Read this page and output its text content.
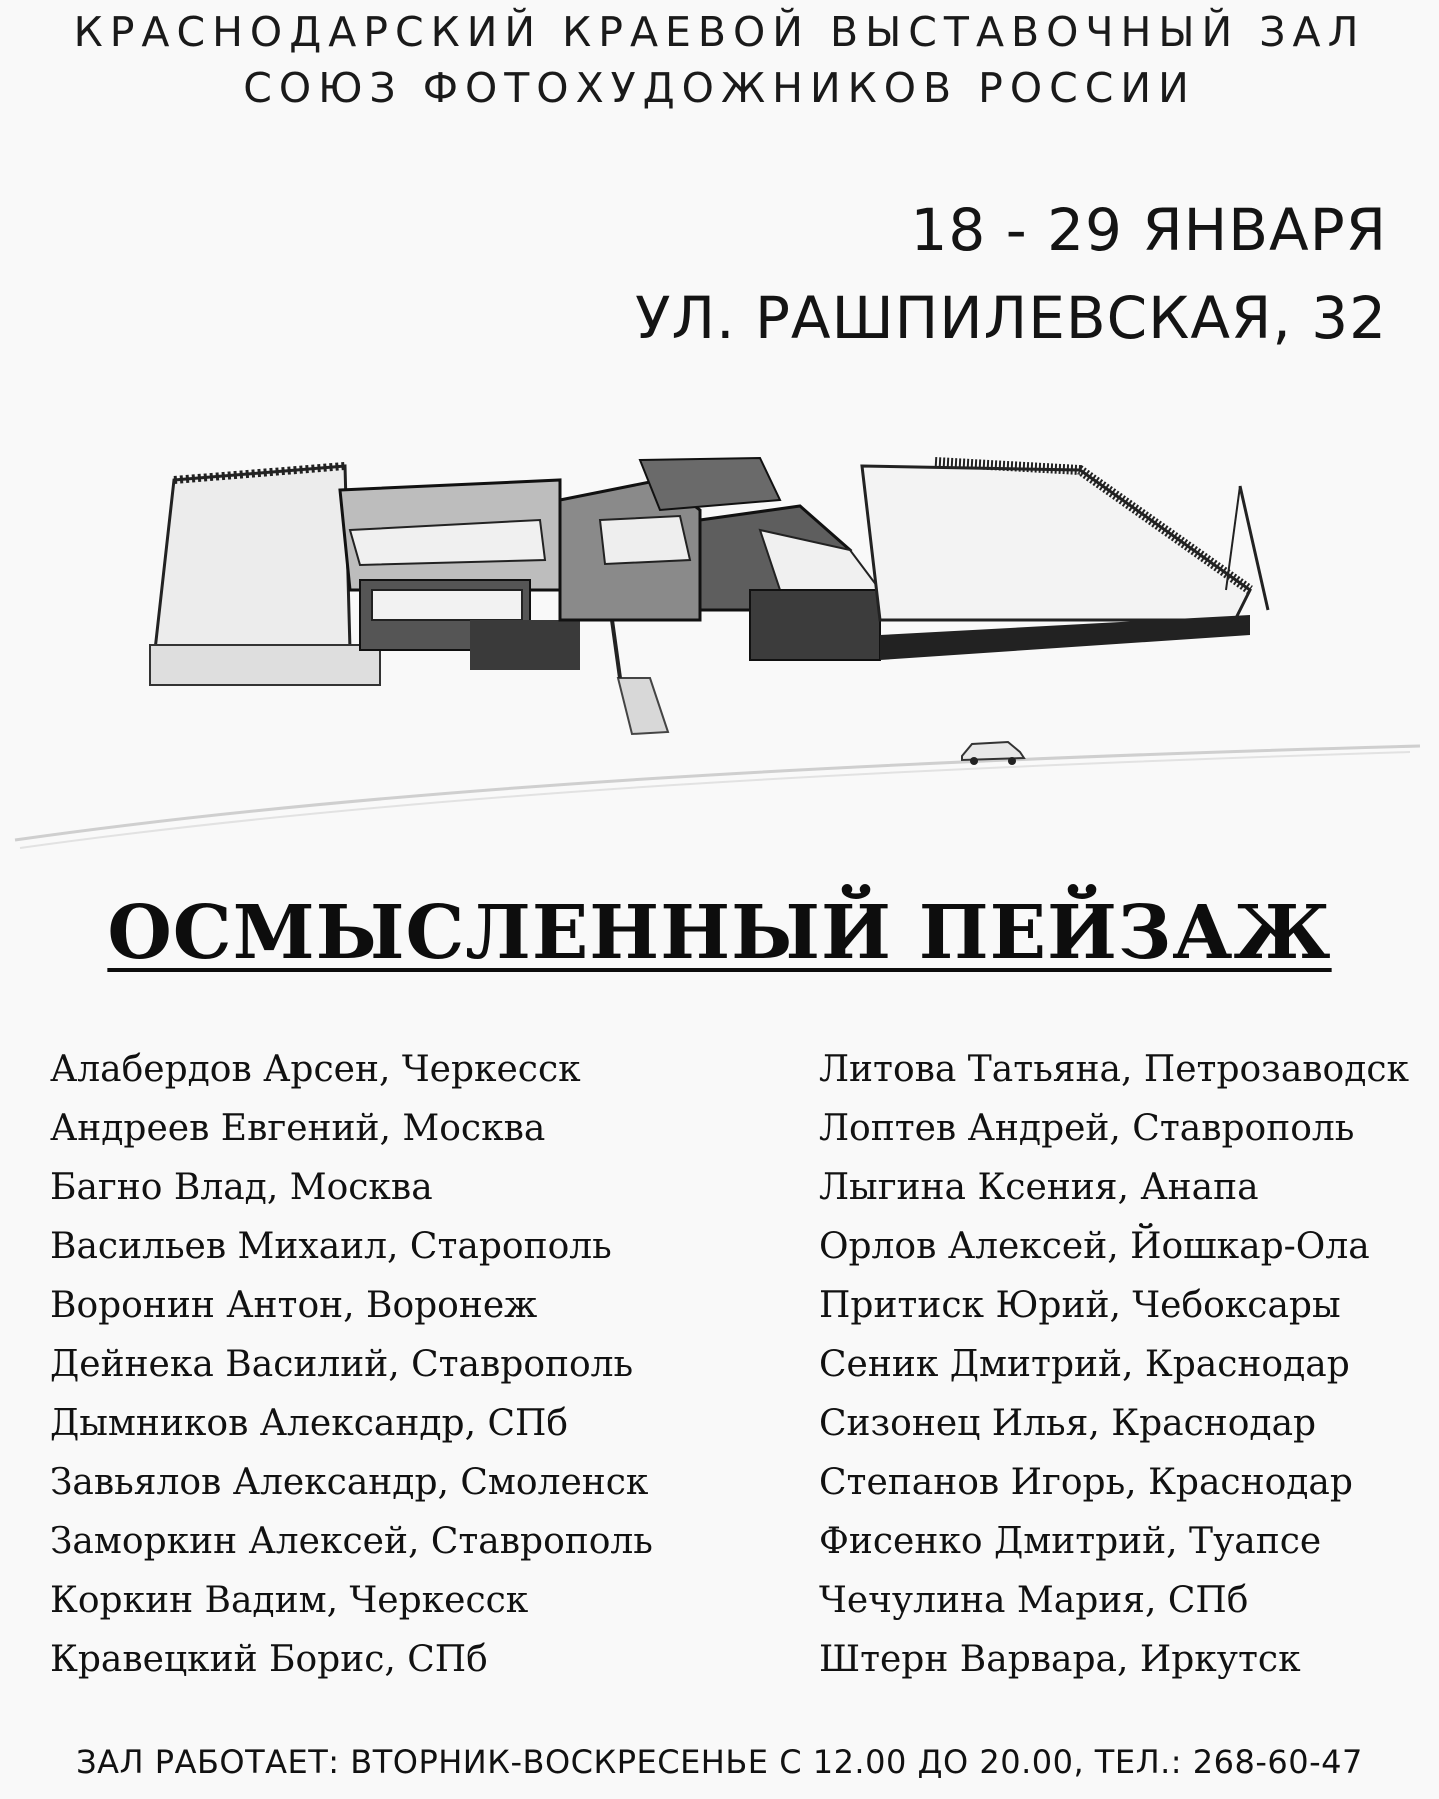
КРАСНОДАРСКИЙ КРАЕВОЙ ВЫСТАВОЧНЫЙ ЗАЛ
СОЮЗ ФОТОХУДОЖНИКОВ РОССИИ
18 - 29 ЯНВАРЯ
УЛ. РАШПИЛЕВСКАЯ, 32
ОСМЫСЛЕННЫЙ ПЕЙЗАЖ
Алабердов Арсен, Черкесск
Андреев Евгений, Москва
Багно Влад, Москва
Васильев Михаил, Старополь
Воронин Антон, Воронеж
Дейнека Василий, Ставрополь
Дымников Александр, СПб
Завьялов Александр, Смоленск
Заморкин Алексей, Ставрополь
Коркин Вадим, Черкесск
Кравецкий Борис, СПб
Литова Татьяна, Петрозаводск
Лоптев Андрей, Ставрополь
Лыгина Ксения, Анапа
Орлов Алексей, Йошкар-Ола
Притиск Юрий, Чебоксары
Сеник Дмитрий, Краснодар
Сизонец Илья, Краснодар
Степанов Игорь, Краснодар
Фисенко Дмитрий, Туапсе
Чечулина Мария, СПб
Штерн Варвара, Иркутск
ЗАЛ РАБОТАЕТ: ВТОРНИК-ВОСКРЕСЕНЬЕ С 12.00 ДО 20.00, ТЕЛ.: 268-60-47
